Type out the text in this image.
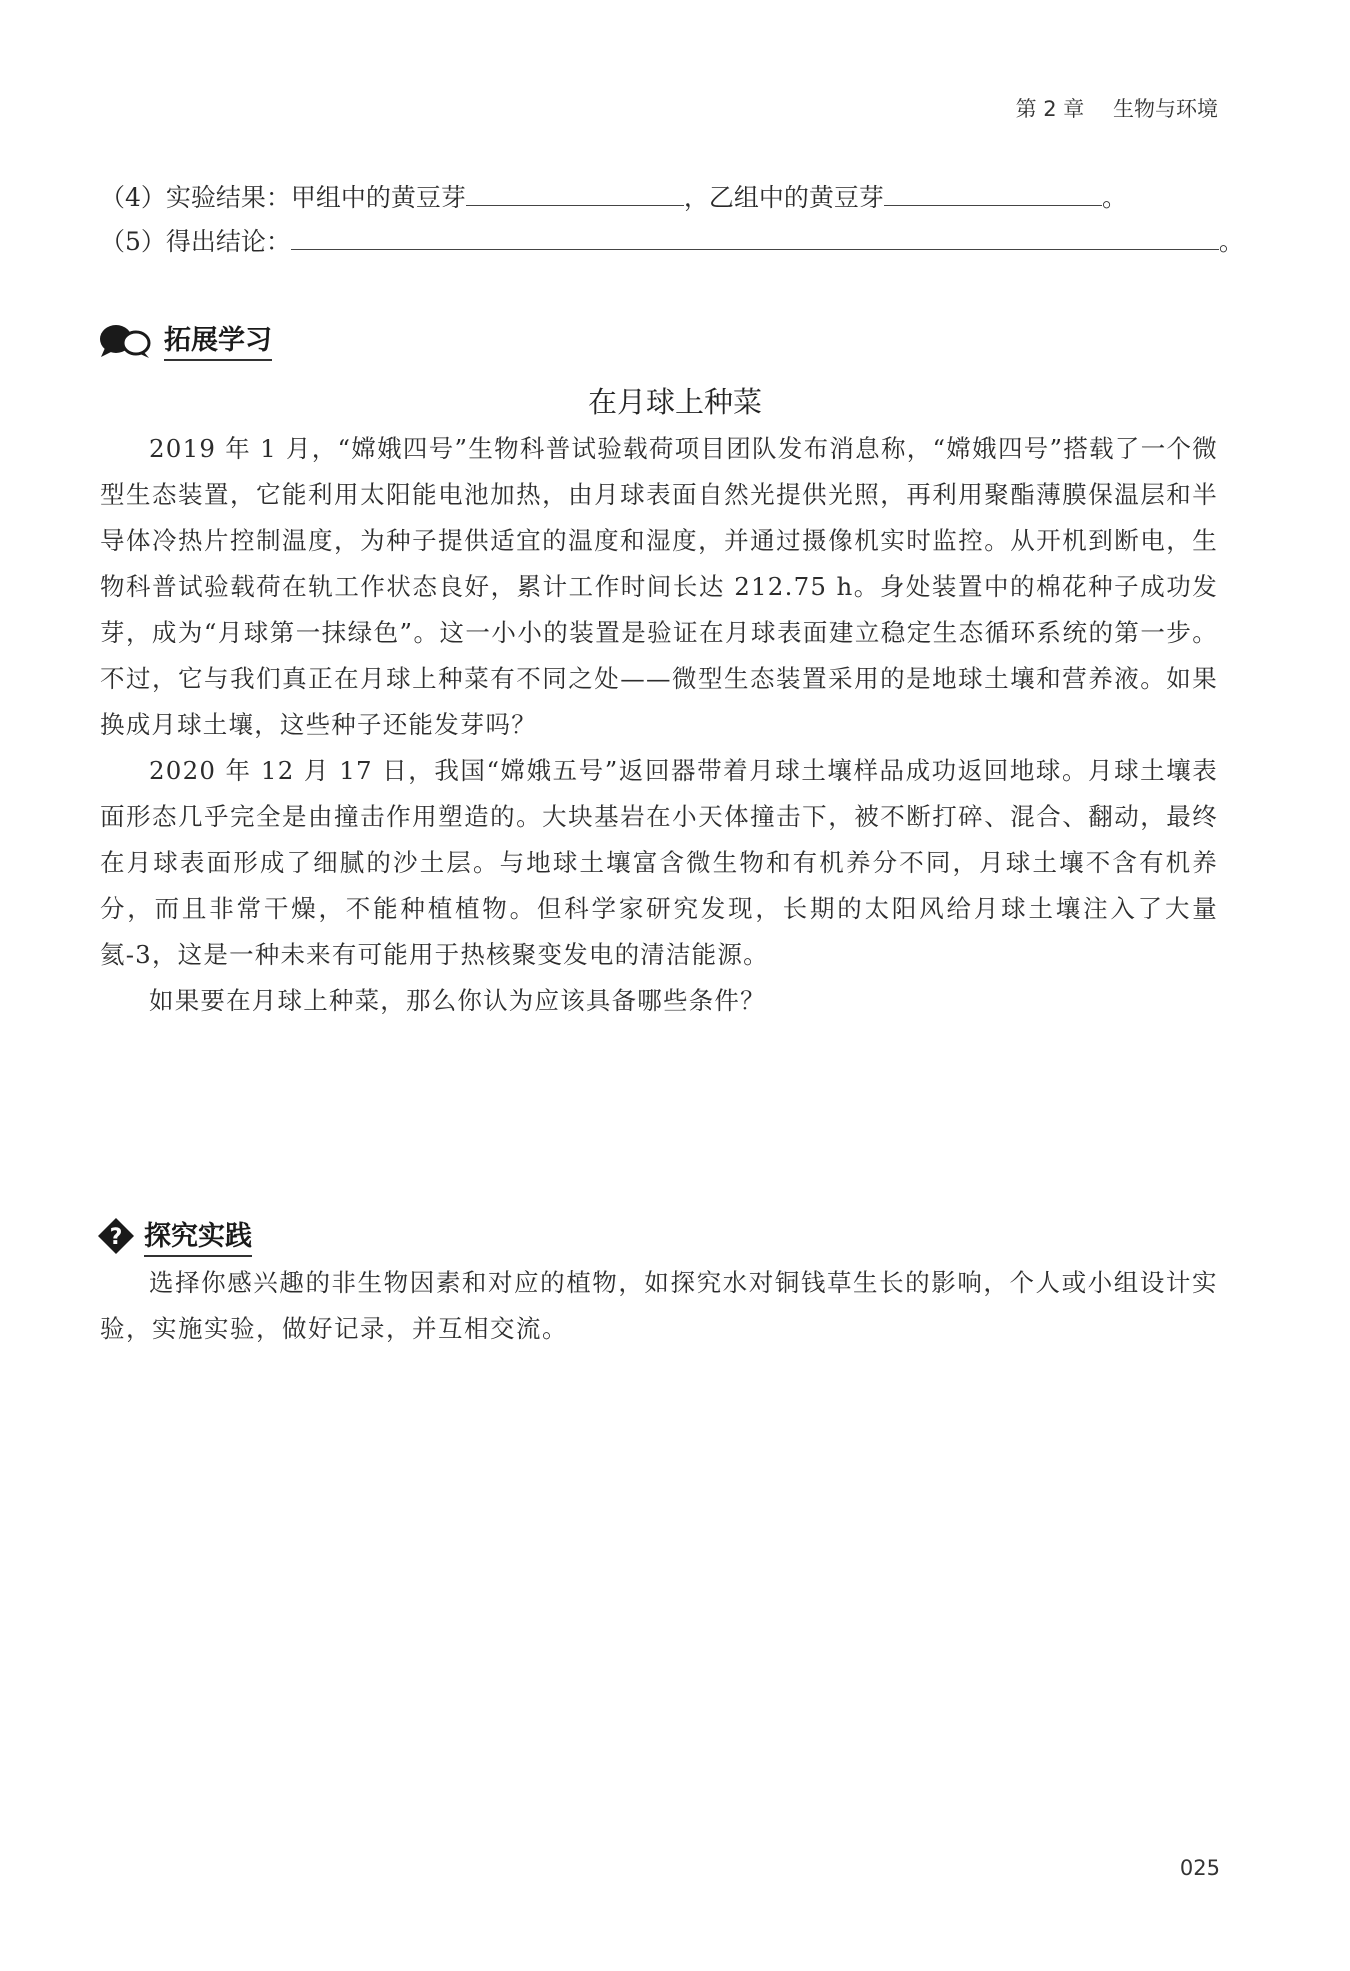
第 2 章 生物与环境
（4）实验结果：甲组中的黄豆芽	，乙组中的黄豆芽	。
（5）得出结论：	。
拓展学习
在月球上种菜
2019 年 1 月，“嫦娥四号”生物科普试验载荷项目团队发布消息称，“嫦娥四号”搭载了一个微型生态装置，它能利用太阳能电池加热，由月球表面自然光提供光照，再利用聚酯薄膜保温层和半导体冷热片控制温度，为种子提供适宜的温度和湿度，并通过摄像机实时监控。从开机到断电，生物科普试验载荷在轨工作状态良好，累计工作时间长达 212.75 h。身处装置中的棉花种子成功发芽，成为“月球第一抹绿色”。这一小小的装置是验证在月球表面建立稳定生态循环系统的第一步。不过，它与我们真正在月球上种菜有不同之处——微型生态装置采用的是地球土壤和营养液。如果换成月球土壤，这些种子还能发芽吗？
2020 年 12 月 17 日，我国“嫦娥五号”返回器带着月球土壤样品成功返回地球。月球土壤表面形态几乎完全是由撞击作用塑造的。大块基岩在小天体撞击下，被不断打碎、混合、翻动，最终在月球表面形成了细腻的沙土层。与地球土壤富含微生物和有机养分不同，月球土壤不含有机养分，而且非常干燥，不能种植植物。但科学家研究发现，长期的太阳风给月球土壤注入了大量氦-3，这是一种未来有可能用于热核聚变发电的清洁能源。
如果要在月球上种菜，那么你认为应该具备哪些条件？
? 探究实践
选择你感兴趣的非生物因素和对应的植物，如探究水对铜钱草生长的影响，个人或小组设计实验，实施实验，做好记录，并互相交流。
025
